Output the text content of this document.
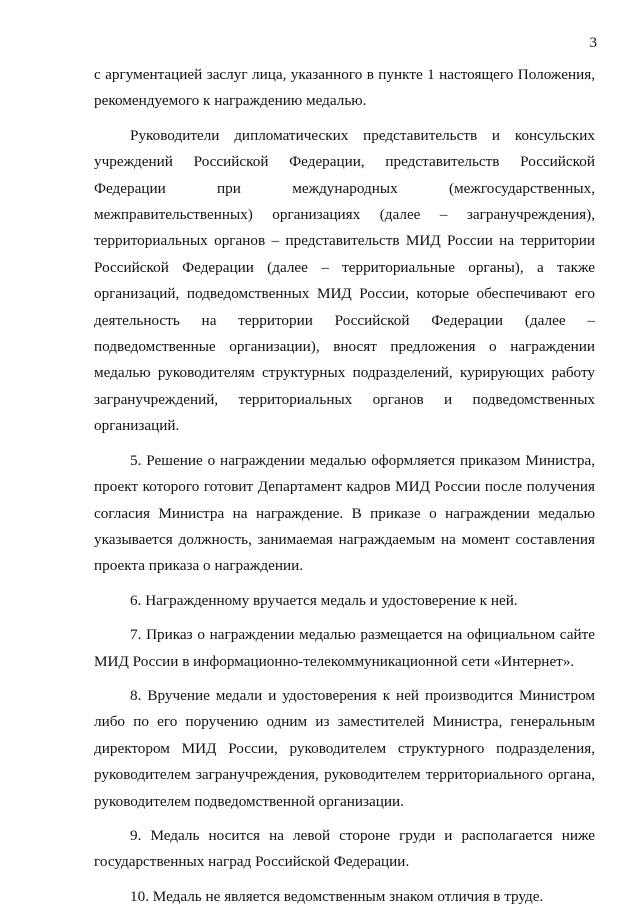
3

с аргументацией заслуг лица, указанного в пункте 1 настоящего Положения, рекомендуемого к награждению медалью.

Руководители дипломатических представительств и консульских учреждений Российской Федерации, представительств Российской Федерации при международных (межгосударственных, межправительственных) организациях (далее – загранучреждения), территориальных органов – представительств МИД России на территории Российской Федерации (далее – территориальные органы), а также организаций, подведомственных МИД России, которые обеспечивают его деятельность на территории Российской Федерации (далее – подведомственные организации), вносят предложения о награждении медалью руководителям структурных подразделений, курирующих работу загранучреждений, территориальных органов и подведомственных организаций.

5. Решение о награждении медалью оформляется приказом Министра, проект которого готовит Департамент кадров МИД России после получения согласия Министра на награждение. В приказе о награждении медалью указывается должность, занимаемая награждаемым на момент составления проекта приказа о награждении.

6. Награжденному вручается медаль и удостоверение к ней.

7. Приказ о награждении медалью размещается на официальном сайте МИД России в информационно-телекоммуникационной сети «Интернет».

8. Вручение медали и удостоверения к ней производится Министром либо по его поручению одним из заместителей Министра, генеральным директором МИД России, руководителем структурного подразделения, руководителем загранучреждения, руководителем территориального органа, руководителем подведомственной организации.

9. Медаль носится на левой стороне груди и располагается ниже государственных наград Российской Федерации.

10. Медаль не является ведомственным знаком отличия в труде.
